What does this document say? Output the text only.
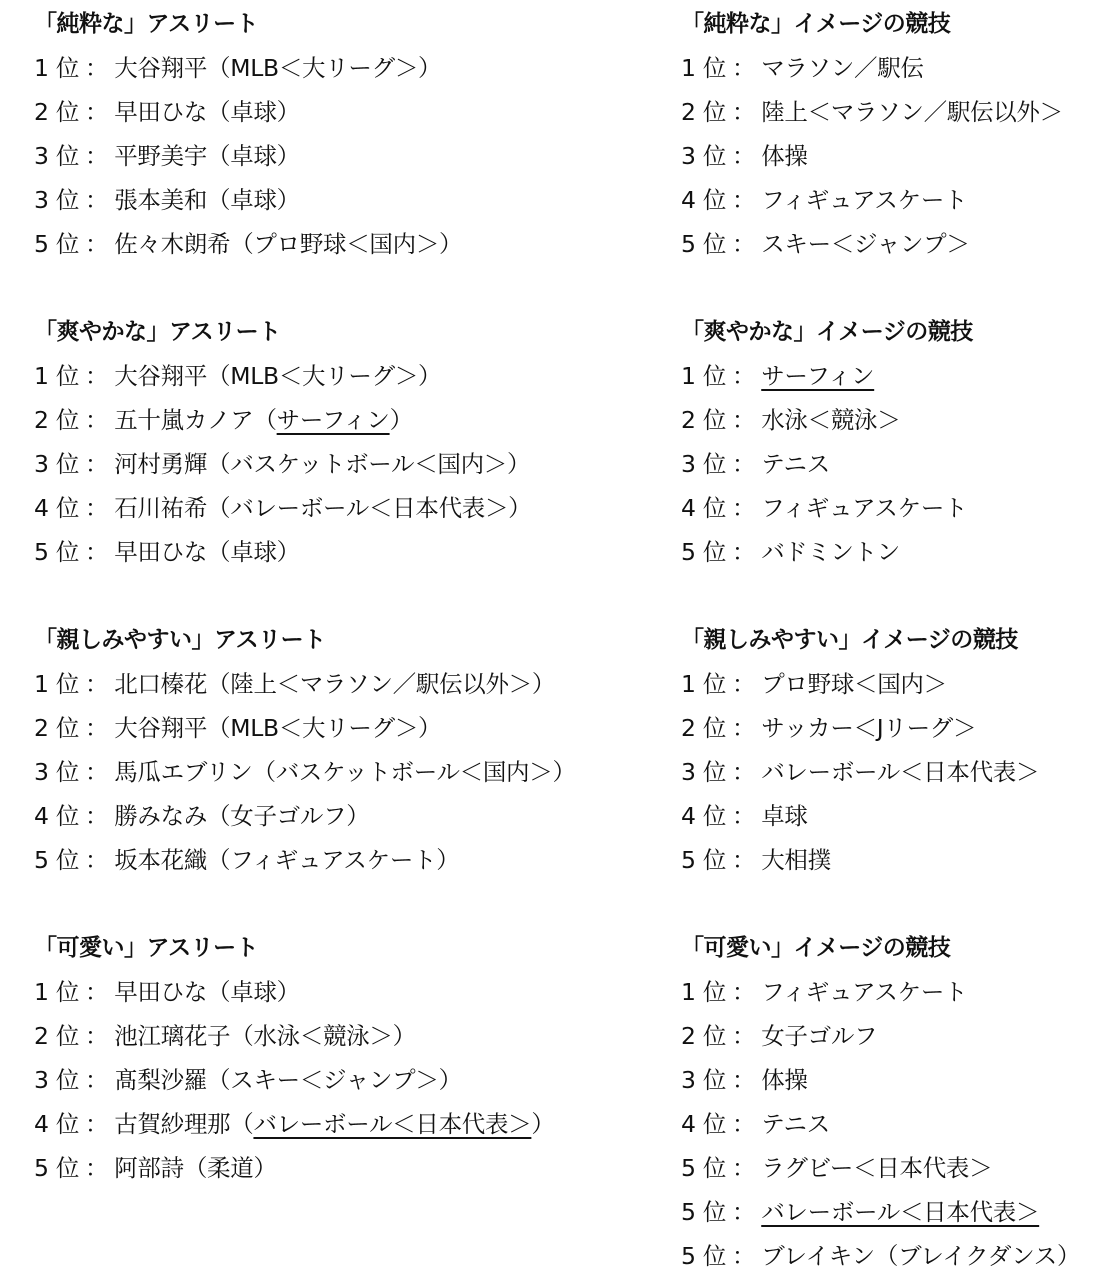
「純粋な」アスリート
1 位 ： 大谷翔平（MLB＜大リーグ＞）
2 位 ： 早田ひな（卓球）
3 位 ： 平野美宇（卓球）
3 位 ： 張本美和（卓球）
5 位 ： 佐々木朗希（プロ野球＜国内＞）
「爽やかな」アスリート
1 位 ： 大谷翔平（MLB＜大リーグ＞）
2 位 ： 五十嵐カノア（サーフィン）
3 位 ： 河村勇輝（バスケットボール＜国内＞）
4 位 ： 石川祐希（バレーボール＜日本代表＞）
5 位 ： 早田ひな（卓球）
「親しみやすい」アスリート
1 位 ： 北口榛花（陸上＜マラソン／駅伝以外＞）
2 位 ： 大谷翔平（MLB＜大リーグ＞）
3 位 ： 馬瓜エブリン（バスケットボール＜国内＞）
4 位 ： 勝みなみ（女子ゴルフ）
5 位 ： 坂本花織（フィギュアスケート）
「可愛い」アスリート
1 位 ： 早田ひな（卓球）
2 位 ： 池江璃花子（水泳＜競泳＞）
3 位 ： 髙梨沙羅（スキー＜ジャンプ＞）
4 位 ： 古賀紗理那（バレーボール＜日本代表＞）
5 位 ： 阿部詩（柔道）
「純粋な」イメージの競技
1 位 ： マラソン／駅伝
2 位 ： 陸上＜マラソン／駅伝以外＞
3 位 ： 体操
4 位 ： フィギュアスケート
5 位 ： スキー＜ジャンプ＞
「爽やかな」イメージの競技
1 位 ： サーフィン
2 位 ： 水泳＜競泳＞
3 位 ： テニス
4 位 ： フィギュアスケート
5 位 ： バドミントン
「親しみやすい」イメージの競技
1 位 ： プロ野球＜国内＞
2 位 ： サッカー＜Jリーグ＞
3 位 ： バレーボール＜日本代表＞
4 位 ： 卓球
5 位 ： 大相撲
「可愛い」イメージの競技
1 位 ： フィギュアスケート
2 位 ： 女子ゴルフ
3 位 ： 体操
4 位 ： テニス
5 位 ： ラグビー＜日本代表＞
5 位 ： バレーボール＜日本代表＞
5 位 ： ブレイキン（ブレイクダンス）
